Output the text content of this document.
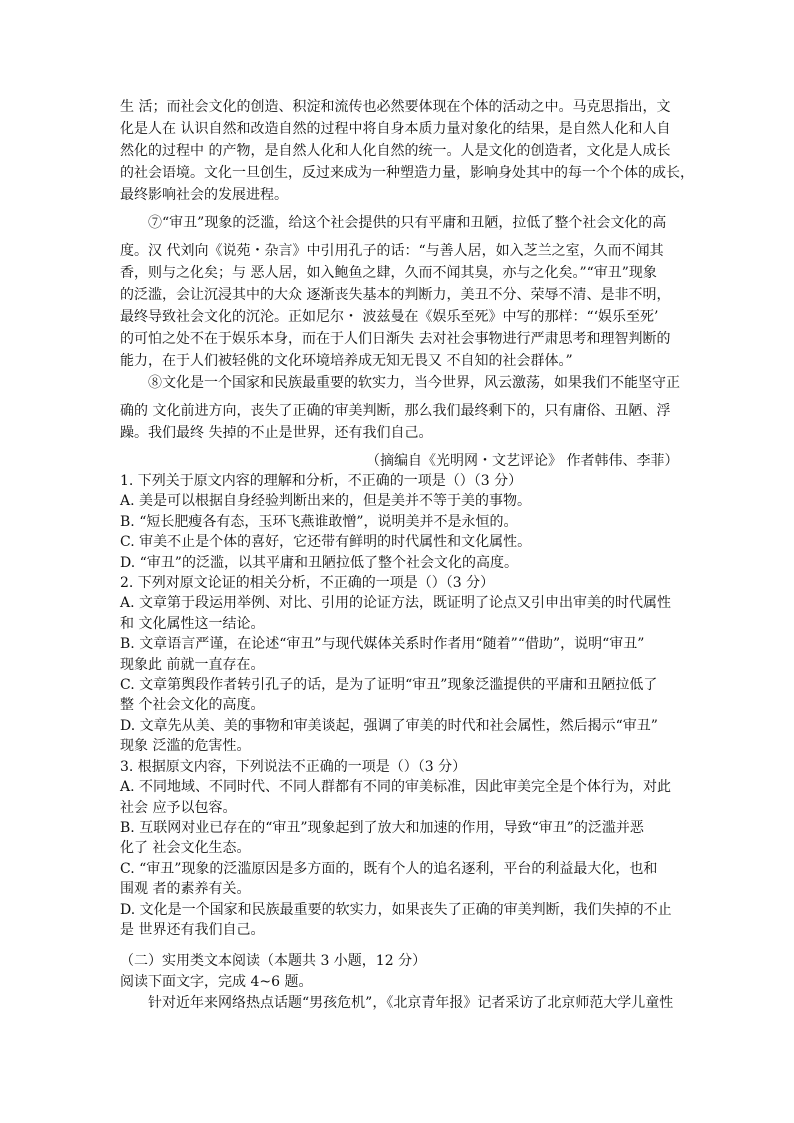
生 活；而社会文化的创造、积淀和流传也必然要体现在个体的活动之中。马克思指出，文
化是人在 认识自然和改造自然的过程中将自身本质力量对象化的结果，是自然人化和人自
然化的过程中 的产物，是自然人化和人化自然的统一。人是文化的创造者，文化是人成长
的社会语境。文化一旦创生，反过来成为一种塑造力量，影响身处其中的每一个个体的成长，
最终影响社会的发展进程。
⑦“审丑”现象的泛滥，给这个社会提供的只有平庸和丑陋，拉低了整个社会文化的高
度。汉 代刘向《说苑・杂言》中引用孔子的话：“与善人居，如入芝兰之室，久而不闻其
香，则与之化矣；与 恶人居，如入鲍鱼之肆，久而不闻其臭，亦与之化矣。”“审丑”现象
的泛滥，会让沉浸其中的大众 逐渐丧失基本的判断力，美丑不分、荣辱不清、是非不明，
最终导致社会文化的沉沦。正如尼尔・ 波兹曼在《娱乐至死》中写的那样：“‘娱乐至死’
的可怕之处不在于娱乐本身，而在于人们日渐失 去对社会事物进行严肃思考和理智判断的
能力，在于人们被轻佻的文化环境培养成无知无畏又 不自知的社会群体。”
⑧文化是一个国家和民族最重要的软实力，当今世界，风云激荡，如果我们不能坚守正
确的 文化前进方向，丧失了正确的审美判断，那么我们最终剩下的，只有庸俗、丑陋、浮
躁。我们最终 失掉的不止是世界，还有我们自己。
（摘编自《光明网・文艺评论》 作者韩伟、李菲）
1. 下列关于原文内容的理解和分析，不正确的一项是（）（3 分）
A. 美是可以根据自身经验判断出来的，但是美并不等于美的事物。
B. “短长肥瘦各有态，玉环飞燕谁敢憎”，说明美并不是永恒的。
C. 审美不止是个体的喜好，它还带有鲜明的时代属性和文化属性。
D. “审丑”的泛滥，以其平庸和丑陋拉低了整个社会文化的高度。
2. 下列对原文论证的相关分析，不正确的一项是（）（3 分）
A. 文章第于段运用举例、对比、引用的论证方法，既证明了论点又引申出审美的时代属性
和 文化属性这一结论。
B. 文章语言严谨，在论述“审丑”与现代媒体关系时作者用“随着”“借助”，说明“审丑”
现象此 前就一直存在。
C. 文章第舆段作者转引孔子的话，是为了证明“审丑”现象泛滥提供的平庸和丑陋拉低了
整 个社会文化的高度。
D. 文章先从美、美的事物和审美谈起，强调了审美的时代和社会属性，然后揭示“审丑”
现象 泛滥的危害性。
3. 根据原文内容，下列说法不正确的一项是（）（3 分）
A. 不同地域、不同时代、不同人群都有不同的审美标准，因此审美完全是个体行为，对此
社会 应予以包容。
B. 互联网对业已存在的“审丑”现象起到了放大和加速的作用，导致“审丑”的泛滥并恶
化了 社会文化生态。
C. “审丑”现象的泛滥原因是多方面的，既有个人的追名逐利，平台的利益最大化，也和
围观 者的素养有关。
D. 文化是一个国家和民族最重要的软实力，如果丧失了正确的审美判断，我们失掉的不止
是 世界还有我们自己。
（二）实用类文本阅读（本题共 3 小题，12 分）
阅读下面文字，完成 4~6 题。
针对近年来网络热点话题“男孩危机”，《北京青年报》记者采访了北京师范大学儿童性
